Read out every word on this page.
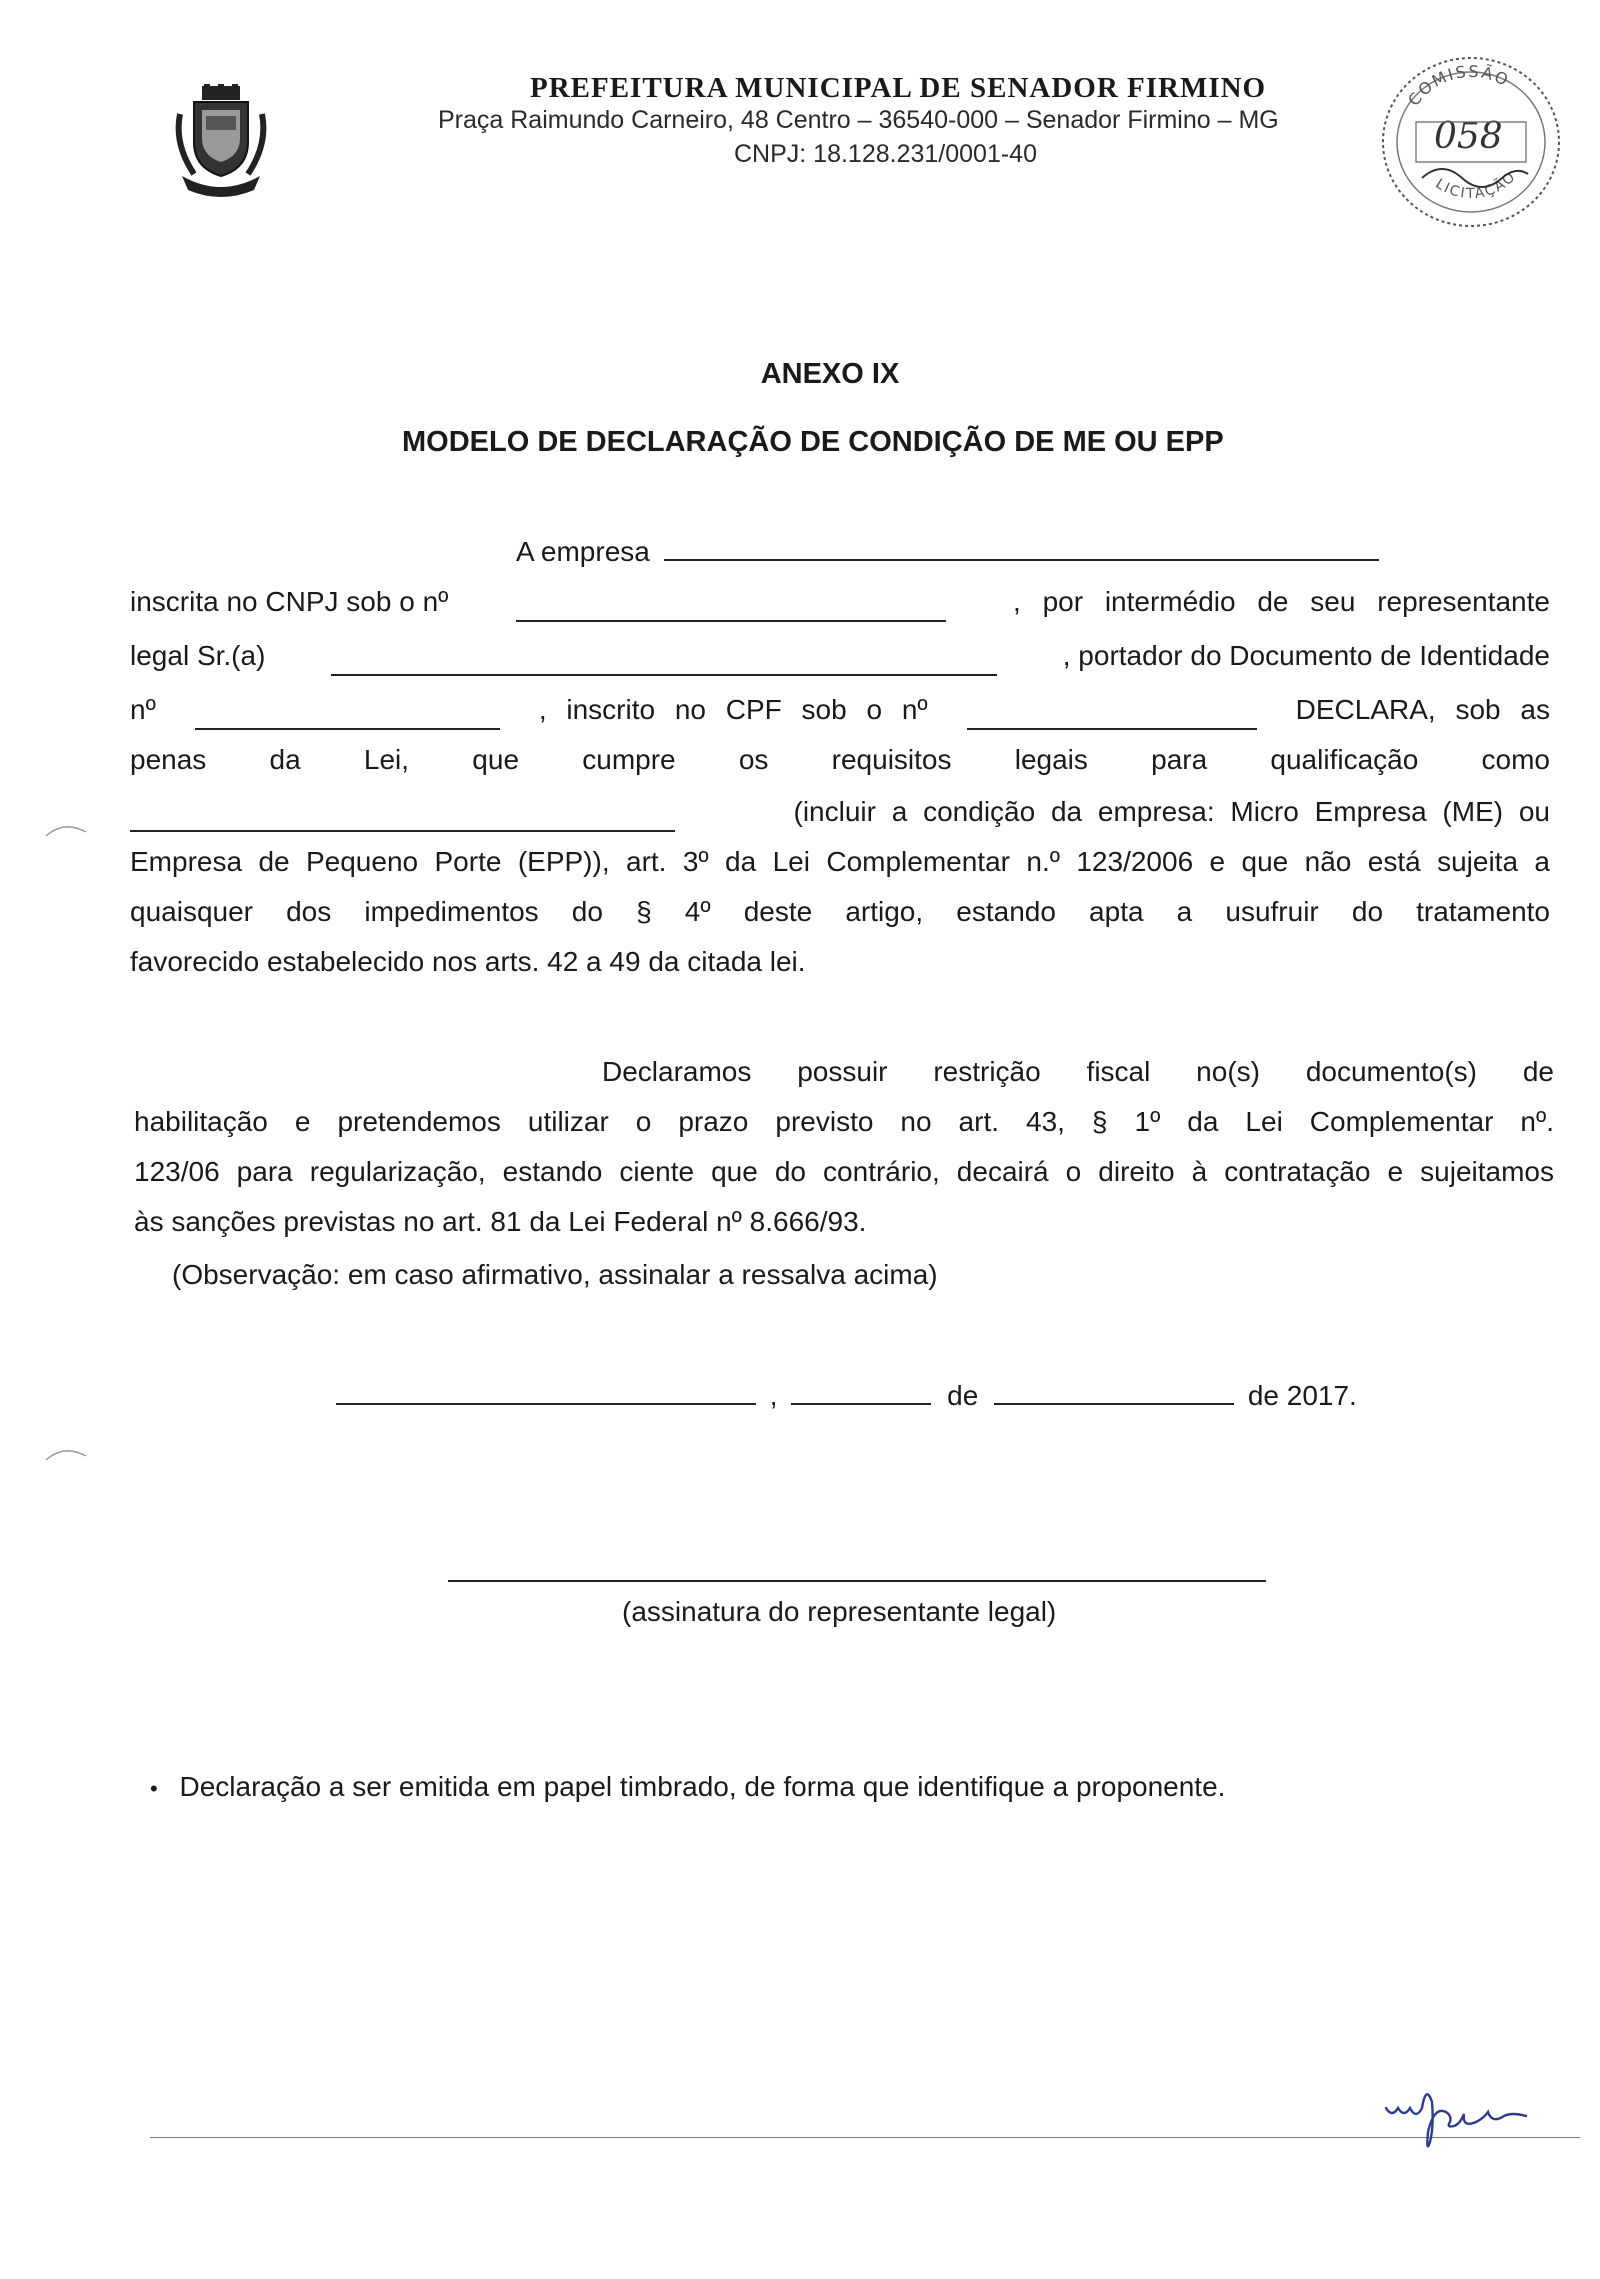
PREFEITURA MUNICIPAL DE SENADOR FIRMINO
Praça Raimundo Carneiro, 48 Centro – 36540-000 – Senador Firmino – MG
CNPJ: 18.128.231/0001-40
COMISSÃO
LICITAÇÃO
058
ANEXO IX
MODELO DE DECLARAÇÃO DE CONDIÇÃO DE ME OU EPP
A empresa
inscrita no CNPJ sob o nº	, por intermédio de seu representante
legal Sr.(a)	, portador do Documento de Identidade
nº	, inscrito no CPF sob o nº	DECLARA, sob as
penas da Lei, que cumpre os requisitos legais para qualificação como
(incluir a condição da empresa: Micro Empresa (ME) ou
Empresa de Pequeno Porte (EPP)), art. 3º da Lei Complementar n.º 123/2006 e que não está sujeita a
quaisquer dos impedimentos do § 4º deste artigo, estando apta a usufruir do tratamento
favorecido estabelecido nos arts. 42 a 49 da citada lei.
Declaramos possuir restrição fiscal no(s) documento(s) de
habilitação e pretendemos utilizar o prazo previsto no art. 43, § 1º da Lei Complementar nº.
123/06 para regularização, estando ciente que do contrário, decairá o direito à contratação e sujeitamos
às sanções previstas no art. 81 da Lei Federal nº 8.666/93.
(Observação: em caso afirmativo, assinalar a ressalva acima)
,	de	de 2017.
(assinatura do representante legal)
• Declaração a ser emitida em papel timbrado, de forma que identifique a proponente.
